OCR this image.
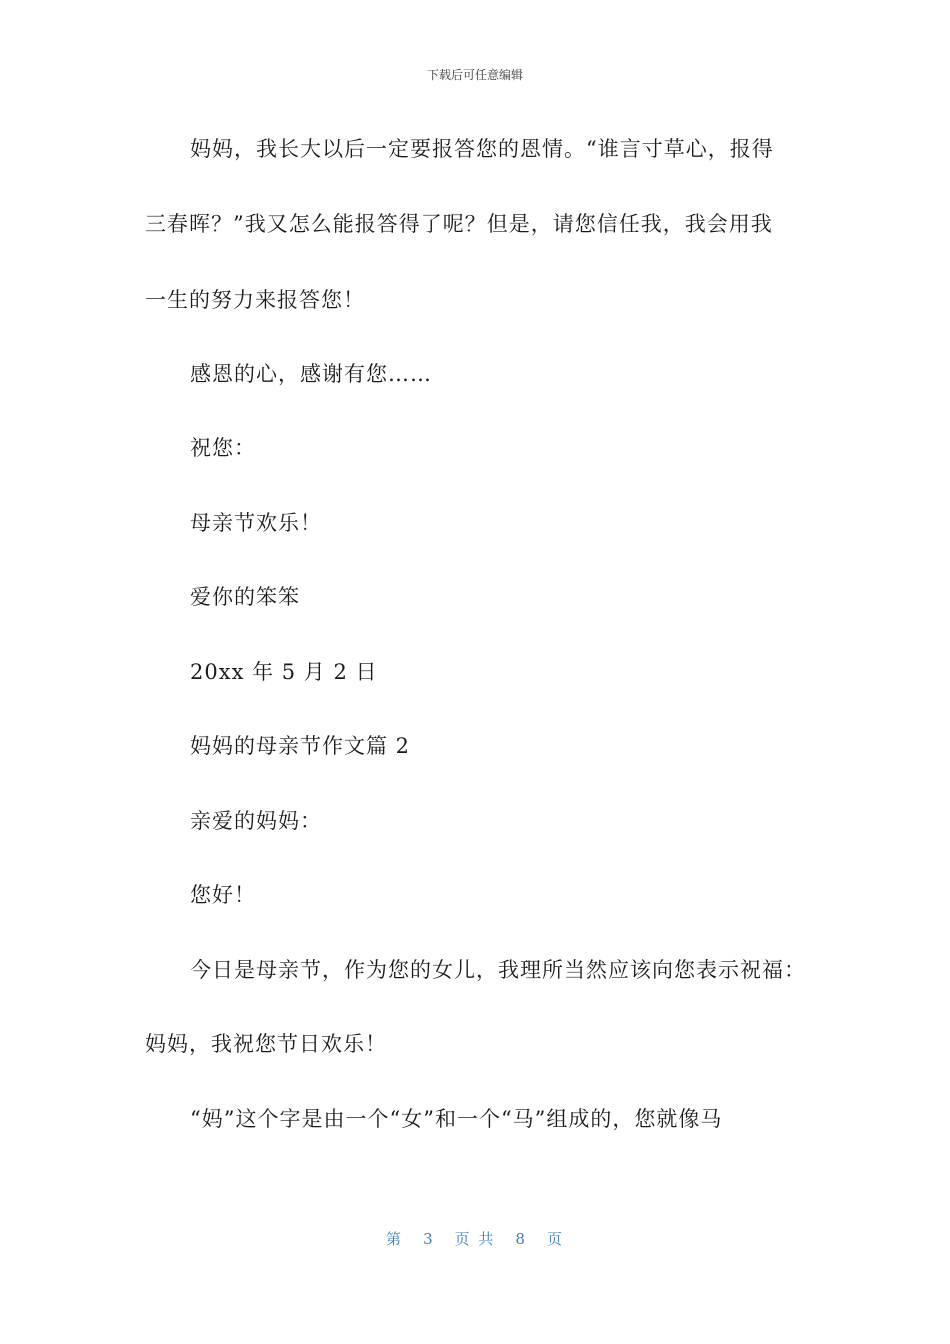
下载后可任意编辑
妈妈，我长大以后一定要报答您的恩情。“谁言寸草心，报得
三春晖？”我又怎么能报答得了呢？但是，请您信任我，我会用我
一生的努力来报答您！
感恩的心，感谢有您……
祝您：
母亲节欢乐！
爱你的笨笨
20xx 年 5 月 2 日
妈妈的母亲节作文篇 2
亲爱的妈妈：
您好！
今日是母亲节，作为您的女儿，我理所当然应该向您表示祝福：
妈妈，我祝您节日欢乐！
“妈”这个字是由一个“女”和一个“马”组成的，您就像马
第 3 页 共 8 页
